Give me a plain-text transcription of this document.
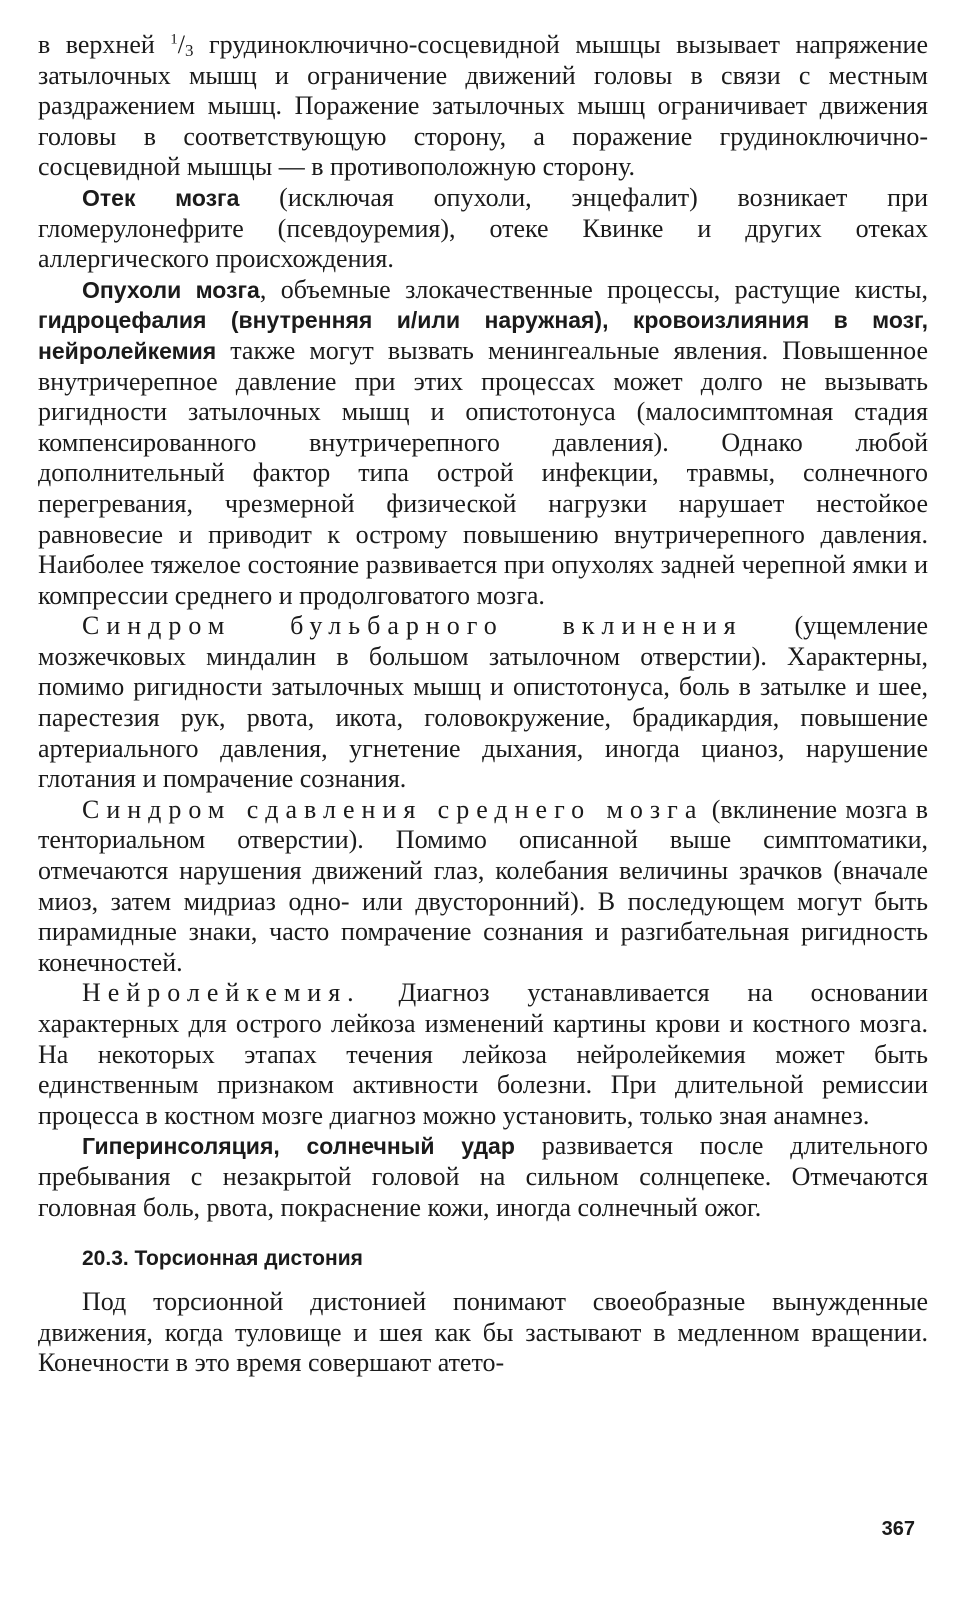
в верхней $^1$/3 грудиноключично-сосцевидной мышцы вызывает напряжение затылочных мышц и ограничение движений головы в связи с местным раздражением мышц. Поражение затылочных мышц ограничивает движения головы в соответствующую сторону, а поражение грудиноключично-сосцевидной мышцы — в противоположную сторону.

Отек мозга (исключая опухоли, энцефалит) возникает при гломерулонефрите (псевдоуремия), отеке Квинке и других отеках аллергического происхождения.

Опухоли мозга, объемные злокачественные процессы, растущие кисты, гидроцефалия (внутренняя и/или наружная), кровоизлияния в мозг, нейролейкемия также могут вызвать менингеальные явления. Повышенное внутричерепное давление при этих процессах может долго не вызывать ригидности затылочных мышц и опистотонуса (малосимптомная стадия компенсированного внутричерепного давления). Однако любой дополнительный фактор типа острой инфекции, травмы, солнечного перегревания, чрезмерной физической нагрузки нарушает нестойкое равновесие и приводит к острому повышению внутричерепного давления. Наиболее тяжелое состояние развивается при опухолях задней черепной ямки и компрессии среднего и продолговатого мозга.

Синдром бульбарного вклинения (ущемление мозжечковых миндалин в большом затылочном отверстии). Характерны, помимо ригидности затылочных мышц и опистотонуса, боль в затылке и шее, парестезия рук, рвота, икота, головокружение, брадикардия, повышение артериального давления, угнетение дыхания, иногда цианоз, нарушение глотания и помрачение сознания.

Синдром сдавления среднего мозга (вклинение мозга в тенториальном отверстии). Помимо описанной выше симптоматики, отмечаются нарушения движений глаз, колебания величины зрачков (вначале миоз, затем мидриаз одно- или двусторонний). В последующем могут быть пирамидные знаки, часто помрачение сознания и разгибательная ригидность конечностей.

Нейролейкемия. Диагноз устанавливается на основании характерных для острого лейкоза изменений картины крови и костного мозга. На некоторых этапах течения лейкоза нейролейкемия может быть единственным признаком активности болезни. При длительной ремиссии процесса в костном мозге диагноз можно установить, только зная анамнез.

Гиперинсоляция, солнечный удар развивается после длительного пребывания с незакрытой головой на сильном солнцепеке. Отмечаются головная боль, рвота, покраснение кожи, иногда солнечный ожог.

20.3. Торсионная дистония

Под торсионной дистонией понимают своеобразные вынужденные движения, когда туловище и шея как бы застывают в медленном вращении. Конечности в это время совершают атето-

367
